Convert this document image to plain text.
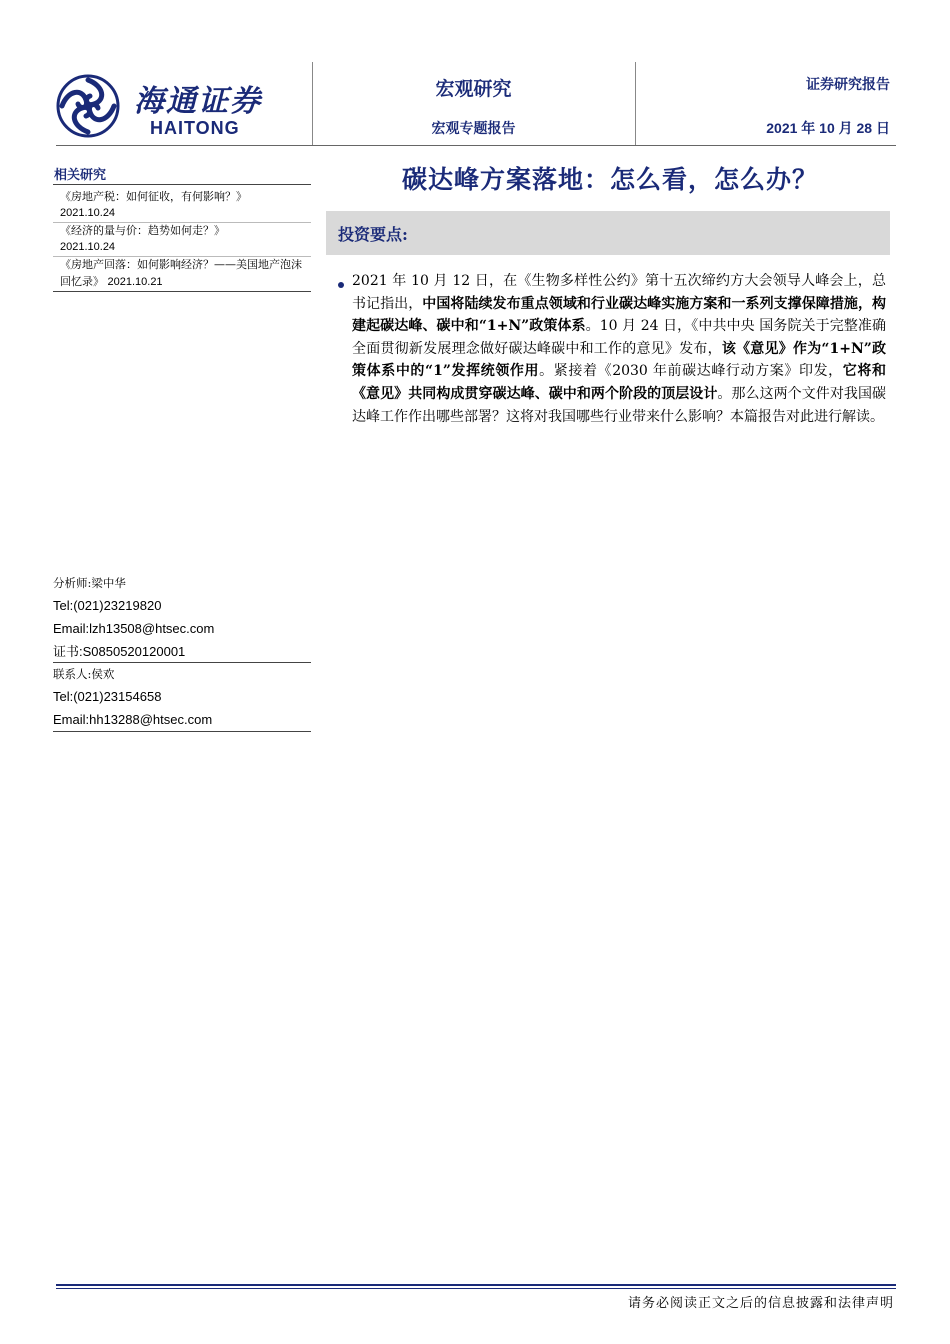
海通证券
HAITONG
宏观研究
宏观专题报告
证券研究报告
2021 年 10 月 28 日
相关研究
《房地产税：如何征收，有何影响？》
2021.10.24
《经济的量与价：趋势如何走？》
2021.10.24
《房地产回落：如何影响经济？——美国地产泡沫回忆录》 2021.10.21
分析师:梁中华
Tel:(021)23219820
Email:lzh13508@htsec.com
证书:S0850520120001
联系人:侯欢
Tel:(021)23154658
Email:hh13288@htsec.com
碳达峰方案落地：怎么看，怎么办？
投资要点:
2021 年 10 月 12 日，在《生物多样性公约》第十五次缔约方大会领导人峰会上，总书记指出，中国将陆续发布重点领域和行业碳达峰实施方案和一系列支撑保障措施，构建起碳达峰、碳中和“1+N”政策体系。10 月 24 日，《中共中央 国务院关于完整准确全面贯彻新发展理念做好碳达峰碳中和工作的意见》发布，该《意见》作为“1+N”政策体系中的“1”发挥统领作用。紧接着《2030 年前碳达峰行动方案》印发，它将和《意见》共同构成贯穿碳达峰、碳中和两个阶段的顶层设计。那么这两个文件对我国碳达峰工作作出哪些部署？这将对我国哪些行业带来什么影响？本篇报告对此进行解读。
请务必阅读正文之后的信息披露和法律声明
